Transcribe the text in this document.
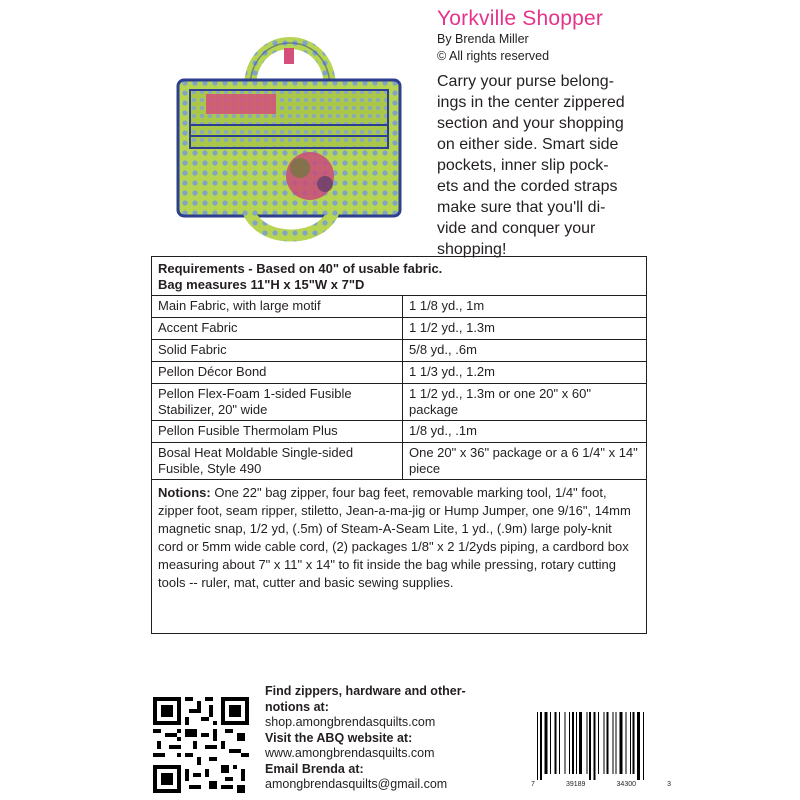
Yorkville Shopper

By Brenda Miller

© All rights reserved

Carry your purse belong-
ings in the center zippered
section and your shopping
on either side. Smart side
pockets, inner slip pock-
ets and the corded straps
make sure that you'll di-
vide and conquer your
shopping!

Requirements - Based on 40" of usable fabric.
Bag measures 11"H x 15"W x 7"D
Main Fabric, with large motif	1 1/8 yd., 1m
Accent Fabric	1 1/2 yd., 1.3m
Solid Fabric	5/8 yd., .6m
Pellon Décor Bond	1 1/3 yd., 1.2m
Pellon Flex-Foam 1-sided Fusible Stabilizer, 20" wide	1 1/2 yd., 1.3m or one 20" x 60" package
Pellon Fusible Thermolam Plus	1/8 yd., .1m
Bosal Heat Moldable Single-sided Fusible, Style 490	One 20" x 36" package or a 6 1/4" x 14" piece
Notions: One 22" bag zipper, four bag feet, removable marking tool, 1/4" foot, zipper foot, seam ripper, stiletto, Jean-a-ma-jig or Hump Jumper, one 9/16", 14mm magnetic snap, 1/2 yd, (.5m) of Steam-A-Seam Lite, 1 yd., (.9m) large poly-knit cord or 5mm wide cable cord, (2) packages 1/8" x 2 1/2yds piping, a cardbord box measuring about 7" x 11" x 14" to fit inside the bag while pressing, rotary cutting tools -- ruler, mat, cutter and basic sewing supplies.
Find zippers, hardware and other-notions at:
shop.amongbrendasquilts.com
Visit the ABQ website at:
www.amongbrendasquilts.com
Email Brenda at:
amongbrendasquilts@gmail.com	7	39189	34300	3
